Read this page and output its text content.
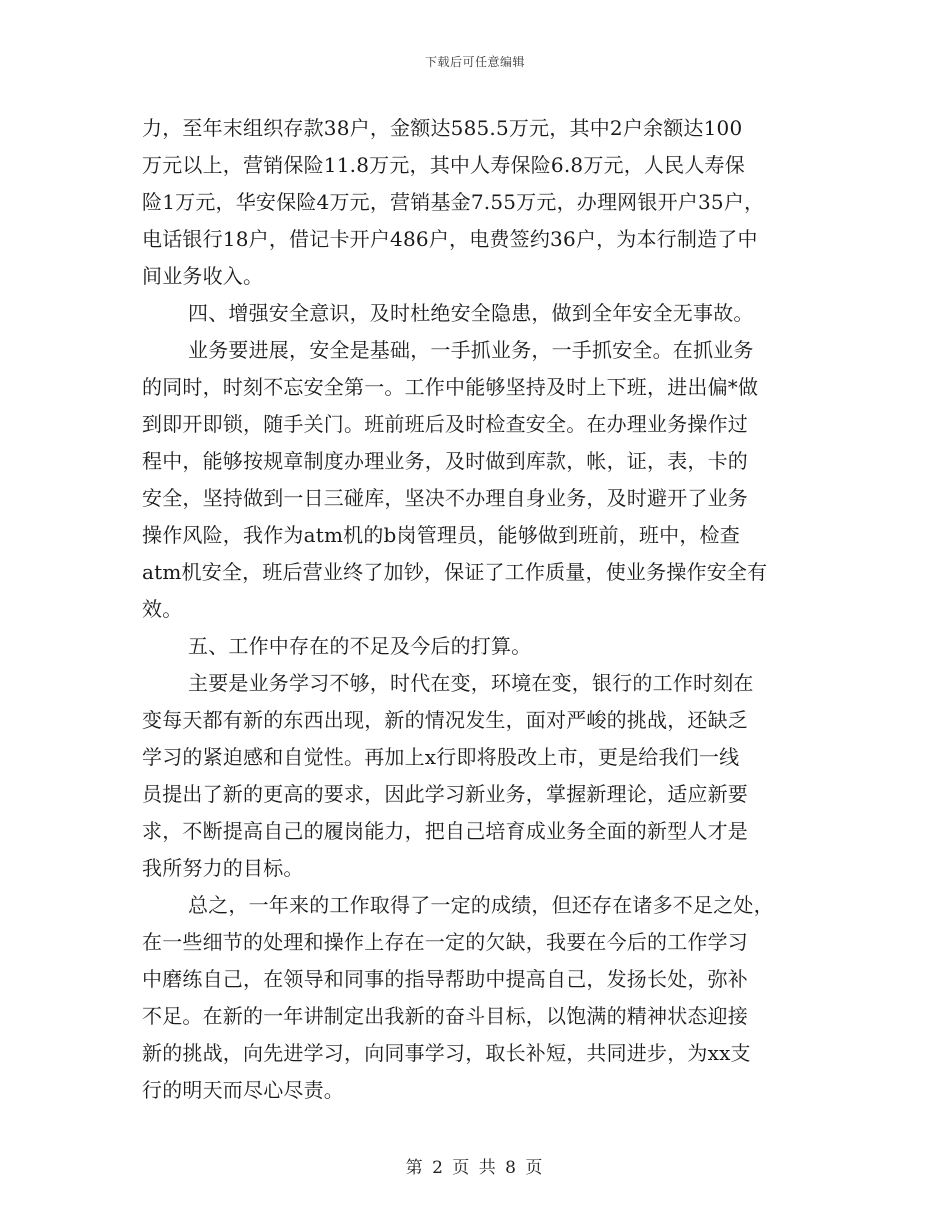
下载后可任意编辑
力，至年末组织存款38户，金额达585.5万元，其中2户余额达100
万元以上，营销保险11.8万元，其中人寿保险6.8万元，人民人寿保
险1万元，华安保险4万元，营销基金7.55万元，办理网银开户35户，
电话银行18户，借记卡开户486户，电费签约36户，为本行制造了中
间业务收入。
四、增强安全意识，及时杜绝安全隐患，做到全年安全无事故。
业务要进展，安全是基础，一手抓业务，一手抓安全。在抓业务
的同时，时刻不忘安全第一。工作中能够坚持及时上下班，进出偏*做
到即开即锁，随手关门。班前班后及时检查安全。在办理业务操作过
程中，能够按规章制度办理业务，及时做到库款，帐，证，表，卡的
安全，坚持做到一日三碰库，坚决不办理自身业务，及时避开了业务
操作风险，我作为atm机的b岗管理员，能够做到班前，班中，检查
atm机安全，班后营业终了加钞，保证了工作质量，使业务操作安全有
效。
五、工作中存在的不足及今后的打算。
主要是业务学习不够，时代在变，环境在变，银行的工作时刻在
变每天都有新的东西出现，新的情况发生，面对严峻的挑战，还缺乏
学习的紧迫感和自觉性。再加上x行即将股改上市，更是给我们一线
员提出了新的更高的要求，因此学习新业务，掌握新理论，适应新要
求，不断提高自己的履岗能力，把自己培育成业务全面的新型人才是
我所努力的目标。
总之，一年来的工作取得了一定的成绩，但还存在诸多不足之处，
在一些细节的处理和操作上存在一定的欠缺，我要在今后的工作学习
中磨练自己，在领导和同事的指导帮助中提高自己，发扬长处，弥补
不足。在新的一年讲制定出我新的奋斗目标，以饱满的精神状态迎接
新的挑战，向先进学习，向同事学习，取长补短，共同进步，为xx支
行的明天而尽心尽责。
第 2 页 共 8 页
